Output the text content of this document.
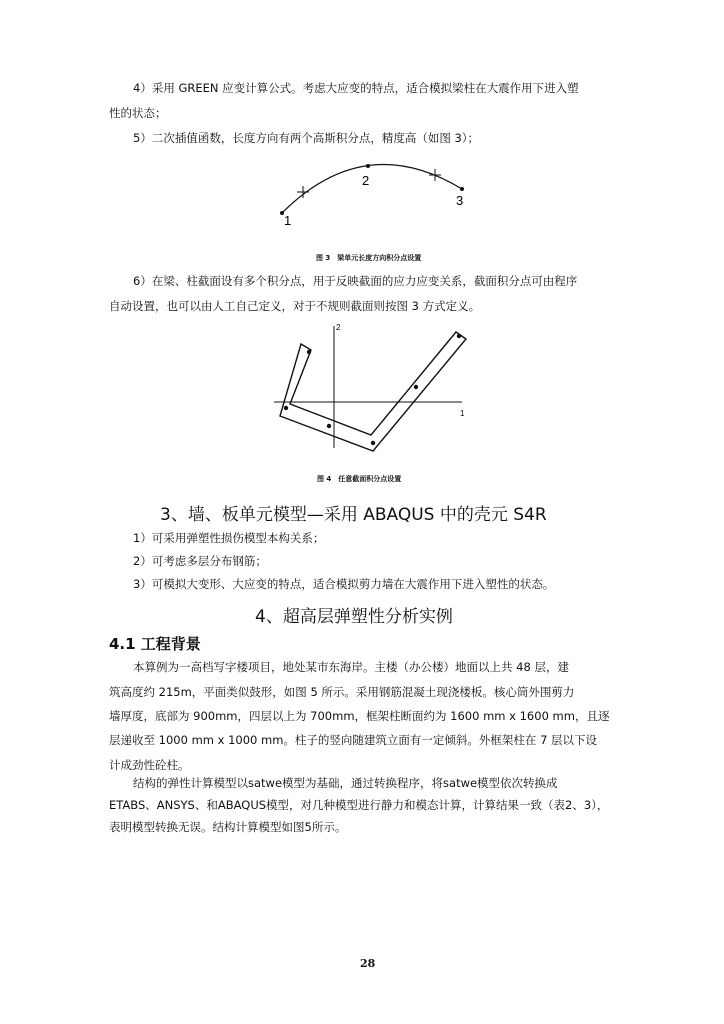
4）采用 GREEN 应变计算公式。考虑大应变的特点，适合模拟梁柱在大震作用下进入塑
性的状态；
5）二次插值函数，长度方向有两个高斯积分点，精度高（如图 3）；
1
2
3
图 3　梁单元长度方向积分点设置
6）在梁、柱截面设有多个积分点，用于反映截面的应力应变关系，截面积分点可由程序
自动设置，也可以由人工自己定义，对于不规则截面则按图 3 方式定义。
2
1
图 4　任意截面积分点设置
3、墙、板单元模型—采用 ABAQUS 中的壳元 S4R
1）可采用弹塑性损伤模型本构关系；
2）可考虑多层分布钢筋；
3）可模拟大变形、大应变的特点，适合模拟剪力墙在大震作用下进入塑性的状态。
4、超高层弹塑性分析实例
4.1 工程背景
本算例为一高档写字楼项目，地处某市东海岸。主楼（办公楼）地面以上共 48 层，建
筑高度约 215m，平面类似鼓形，如图 5 所示。采用钢筋混凝土现浇楼板。核心筒外围剪力
墙厚度，底部为 900mm，四层以上为 700mm，框架柱断面约为 1600 mm x 1600 mm，且逐
层递收至 1000 mm x 1000 mm。柱子的竖向随建筑立面有一定倾斜。外框架柱在 7 层以下设
计成劲性砼柱。
结构的弹性计算模型以satwe模型为基础，通过转换程序，将satwe模型依次转换成
ETABS、ANSYS、和ABAQUS模型，对几种模型进行静力和模态计算，计算结果一致（表2、3），
表明模型转换无误。结构计算模型如图5所示。
28
